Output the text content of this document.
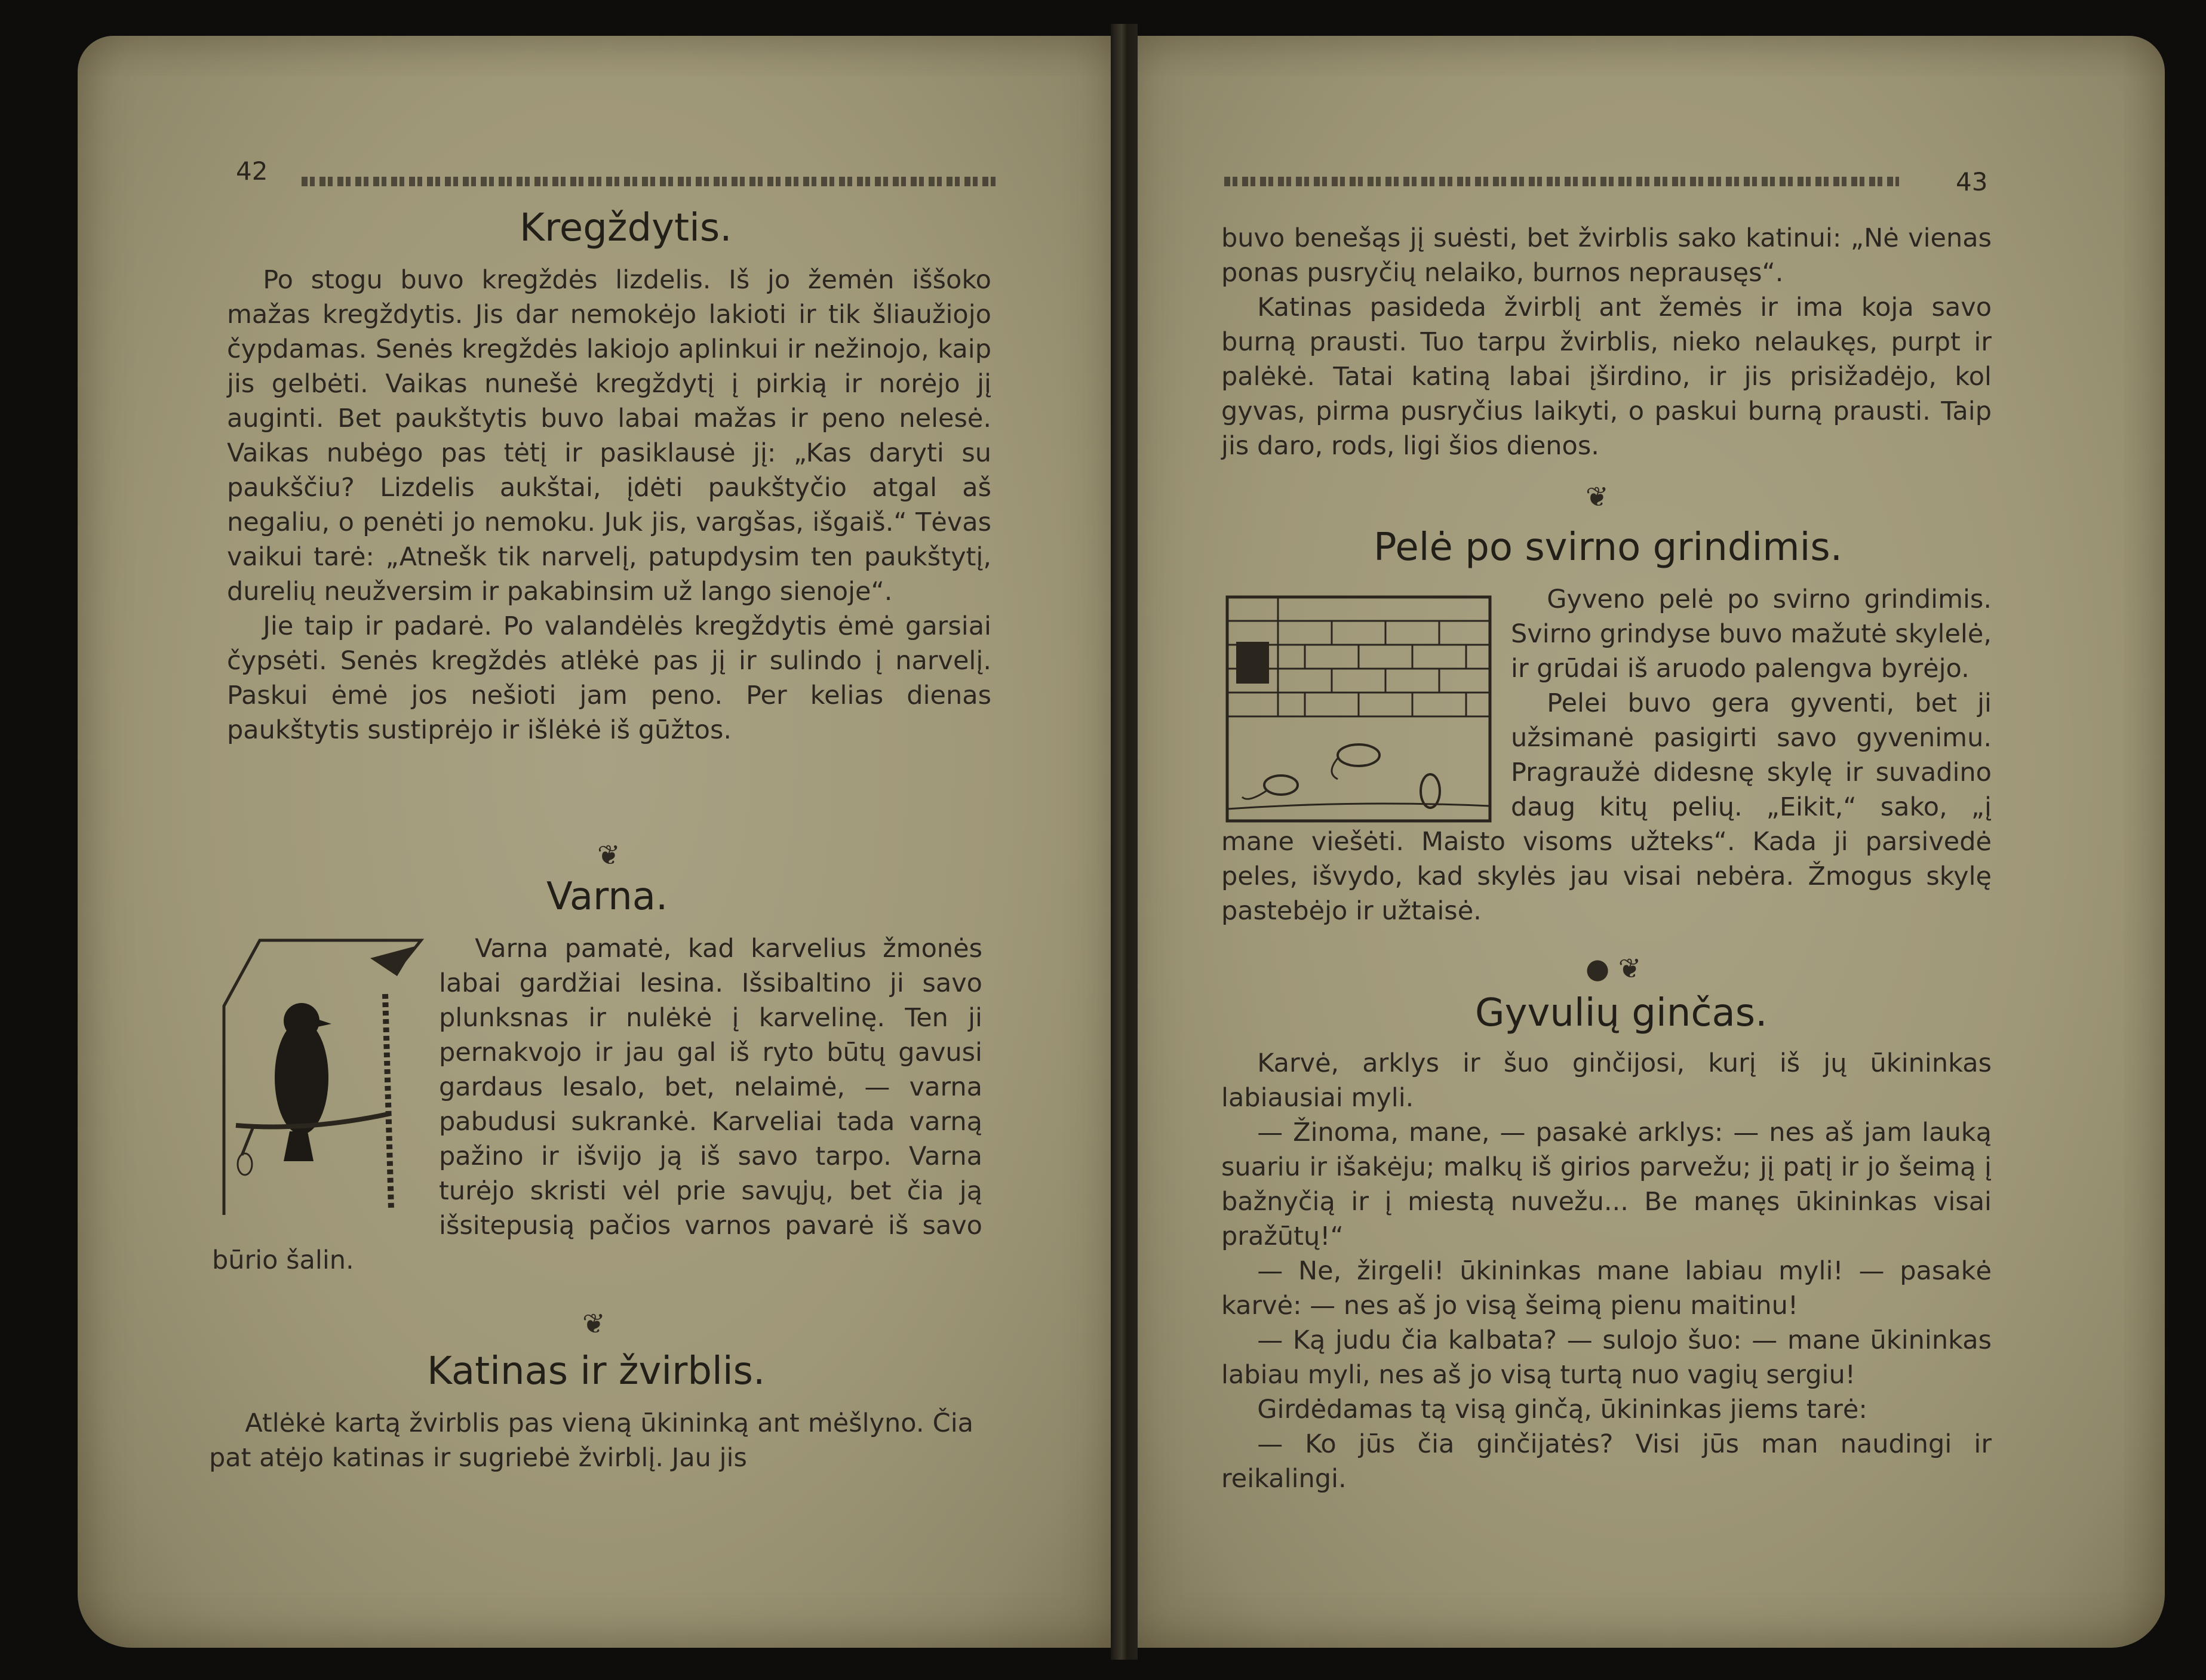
42
Kregždytis.

Po stogu buvo kregždės lizdelis. Iš jo žemėn iššoko mažas kregždytis. Jis dar nemokėjo lakioti ir tik šliaužiojo čypdamas. Senės kregždės lakiojo aplinkui ir nežinojo, kaip jis gelbėti. Vaikas nunešė kregždytį į pirkią ir norėjo jį auginti. Bet paukštytis buvo labai mažas ir peno nelesė. Vaikas nubėgo pas tėtį ir pasiklausė jį: „Kas daryti su paukščiu? Lizdelis aukštai, įdėti paukštyčio atgal aš negaliu, o penėti jo nemoku. Juk jis, vargšas, išgaiš.“ Tėvas vaikui tarė: „Atnešk tik narvelį, patupdysim ten paukštytį, durelių neužversim ir pakabinsim už lango sienoje“.

Jie taip ir padarė. Po valandėlės kregždytis ėmė garsiai čypsėti. Senės kregždės atlėkė pas jį ir sulindo į narvelį. Paskui ėmė jos nešioti jam peno. Per kelias dienas paukštytis sustiprėjo ir išlėkė iš gūžtos.

❦
Varna.

Varna pamatė, kad karvelius žmonės labai gardžiai lesina. Išsibaltino ji savo plunksnas ir nulėkė į karvelinę. Ten ji pernakvojo ir jau gal iš ryto būtų gavusi gardaus lesalo, bet, nelaimė, — varna pabudusi sukrankė. Karveliai tada varną pažino ir išvijo ją iš savo tarpo. Varna turėjo skristi vėl prie savųjų, bet čia ją išsitepusią pačios varnos pavarė iš savo būrio šalin.

❦
Katinas ir žvirblis.

Atlėkė kartą žvirblis pas vieną ūkininką ant mėšlyno. Čia pat atėjo katinas ir sugriebė žvirblį. Jau jis

43

buvo benešąs jį suėsti, bet žvirblis sako katinui: „Nė vienas ponas pusryčių nelaiko, burnos neprausęs“.

Katinas pasideda žvirblį ant žemės ir ima koja savo burną prausti. Tuo tarpu žvirblis, nieko nelaukęs, purpt ir palėkė. Tatai katiną labai įširdino, ir jis prisižadėjo, kol gyvas, pirma pusryčius laikyti, o paskui burną prausti. Taip jis daro, rods, ligi šios dienos.

❦
Pelė po svirno grindimis.

Gyveno pelė po svirno grindimis. Svirno grindyse buvo mažutė skylelė, ir grūdai iš aruodo palengva byrėjo.

Pelei buvo gera gyventi, bet ji užsimanė pasigirti savo gyvenimu. Pragraužė didesnę skylę ir suvadino daug kitų pelių. „Eikit,“ sako, „į mane viešėti. Maisto visoms užteks“. Kada ji parsivedė peles, išvydo, kad skylės jau visai nebėra. Žmogus skylę pastebėjo ir užtaisė.

● ❦
Gyvulių ginčas.

Karvė, arklys ir šuo ginčijosi, kurį iš jų ūkininkas labiausiai myli.

— Žinoma, mane, — pasakė arklys: — nes aš jam lauką suariu ir išakėju; malkų iš girios parvežu; jį patį ir jo šeimą į bažnyčią ir į miestą nuvežu... Be manęs ūkininkas visai pražūtų!“

— Ne, žirgeli! ūkininkas mane labiau myli! — pasakė karvė: — nes aš jo visą šeimą pienu maitinu!

— Ką judu čia kalbata? — sulojo šuo: — mane ūkininkas labiau myli, nes aš jo visą turtą nuo vagių sergiu!

Girdėdamas tą visą ginčą, ūkininkas jiems tarė:

— Ko jūs čia ginčijatės? Visi jūs man naudingi ir reikalingi.
